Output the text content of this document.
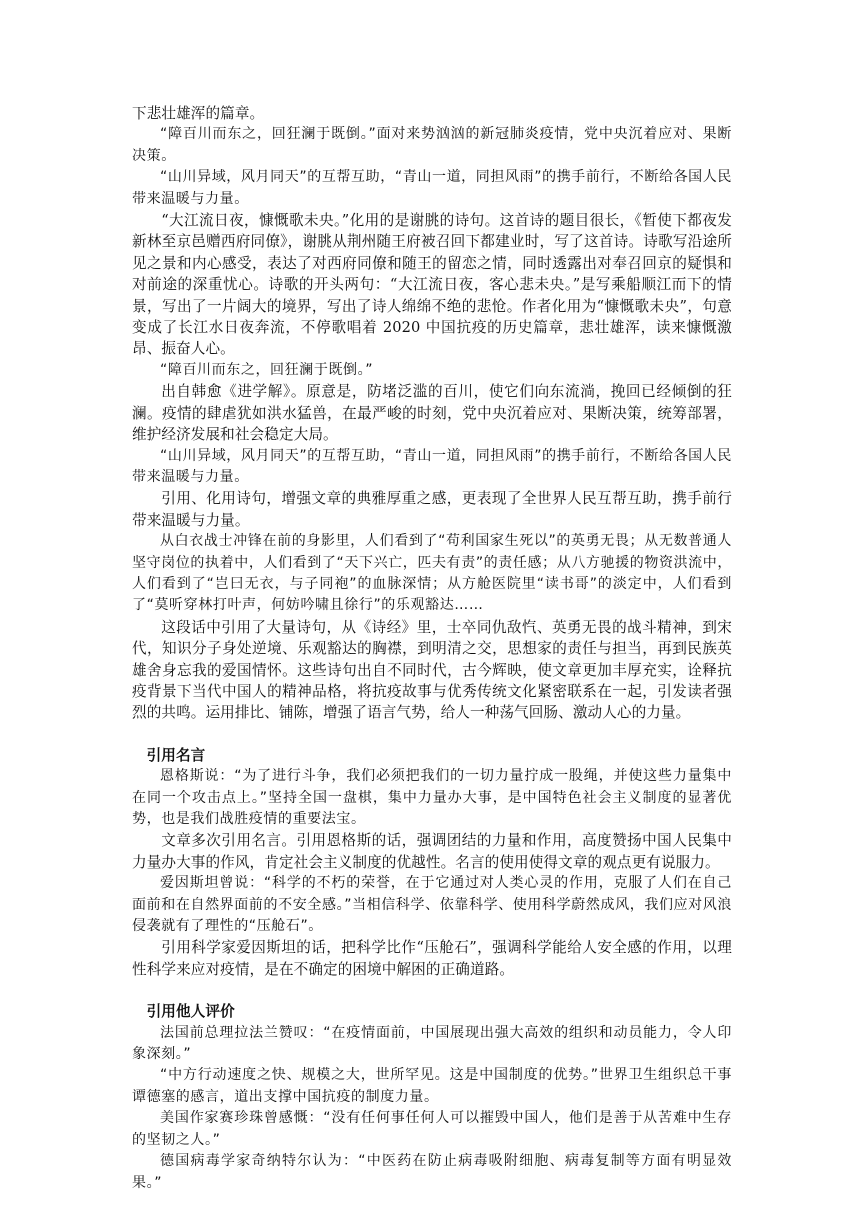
下悲壮雄浑的篇章。

“障百川而东之，回狂澜于既倒。”面对来势汹汹的新冠肺炎疫情，党中央沉着应对、果断决策。

“山川异域，风月同天”的互帮互助，“青山一道，同担风雨”的携手前行，不断给各国人民带来温暖与力量。

“大江流日夜，慷慨歌未央。”化用的是谢朓的诗句。这首诗的题目很长，《暂使下都夜发新林至京邑赠西府同僚》，谢朓从荆州随王府被召回下都建业时，写了这首诗。诗歌写沿途所见之景和内心感受，表达了对西府同僚和随王的留恋之情，同时透露出对奉召回京的疑惧和对前途的深重忧心。诗歌的开头两句：“大江流日夜，客心悲未央。”是写乘船顺江而下的情景，写出了一片阔大的境界，写出了诗人绵绵不绝的悲怆。作者化用为“慷慨歌未央”，句意变成了长江水日夜奔流，不停歌唱着 2020 中国抗疫的历史篇章，悲壮雄浑，读来慷慨激昂、振奋人心。

“障百川而东之，回狂澜于既倒。”

出自韩愈《进学解》。原意是，防堵泛滥的百川，使它们向东流淌，挽回已经倾倒的狂澜。疫情的肆虐犹如洪水猛兽，在最严峻的时刻，党中央沉着应对、果断决策，统筹部署，维护经济发展和社会稳定大局。

“山川异域，风月同天”的互帮互助，“青山一道，同担风雨”的携手前行，不断给各国人民带来温暖与力量。

引用、化用诗句，增强文章的典雅厚重之感，更表现了全世界人民互帮互助，携手前行带来温暖与力量。

从白衣战士冲锋在前的身影里，人们看到了“苟利国家生死以”的英勇无畏；从无数普通人坚守岗位的执着中，人们看到了“天下兴亡，匹夫有责”的责任感；从八方驰援的物资洪流中，人们看到了“岂曰无衣，与子同袍”的血脉深情；从方舱医院里“读书哥”的淡定中，人们看到了“莫听穿林打叶声，何妨吟啸且徐行”的乐观豁达……

这段话中引用了大量诗句，从《诗经》里，士卒同仇敌忾、英勇无畏的战斗精神，到宋代，知识分子身处逆境、乐观豁达的胸襟，到明清之交，思想家的责任与担当，再到民族英雄舍身忘我的爱国情怀。这些诗句出自不同时代，古今辉映，使文章更加丰厚充实，诠释抗疫背景下当代中国人的精神品格，将抗疫故事与优秀传统文化紧密联系在一起，引发读者强烈的共鸣。运用排比、铺陈，增强了语言气势，给人一种荡气回肠、激动人心的力量。

引用名言

恩格斯说：“为了进行斗争，我们必须把我们的一切力量拧成一股绳，并使这些力量集中在同一个攻击点上。”坚持全国一盘棋，集中力量办大事，是中国特色社会主义制度的显著优势，也是我们战胜疫情的重要法宝。

文章多次引用名言。引用恩格斯的话，强调团结的力量和作用，高度赞扬中国人民集中力量办大事的作风，肯定社会主义制度的优越性。名言的使用使得文章的观点更有说服力。

爱因斯坦曾说：“科学的不朽的荣誉，在于它通过对人类心灵的作用，克服了人们在自己面前和在自然界面前的不安全感。”当相信科学、依靠科学、使用科学蔚然成风，我们应对风浪侵袭就有了理性的“压舱石”。

引用科学家爱因斯坦的话，把科学比作“压舱石”，强调科学能给人安全感的作用，以理性科学来应对疫情，是在不确定的困境中解困的正确道路。

引用他人评价

法国前总理拉法兰赞叹：“在疫情面前，中国展现出强大高效的组织和动员能力，令人印象深刻。”

“中方行动速度之快、规模之大，世所罕见。这是中国制度的优势。”世界卫生组织总干事谭德塞的感言，道出支撑中国抗疫的制度力量。

美国作家赛珍珠曾感慨：“没有任何事任何人可以摧毁中国人，他们是善于从苦难中生存的坚韧之人。”

德国病毒学家奇纳特尔认为：“中医药在防止病毒吸附细胞、病毒复制等方面有明显效果。”
